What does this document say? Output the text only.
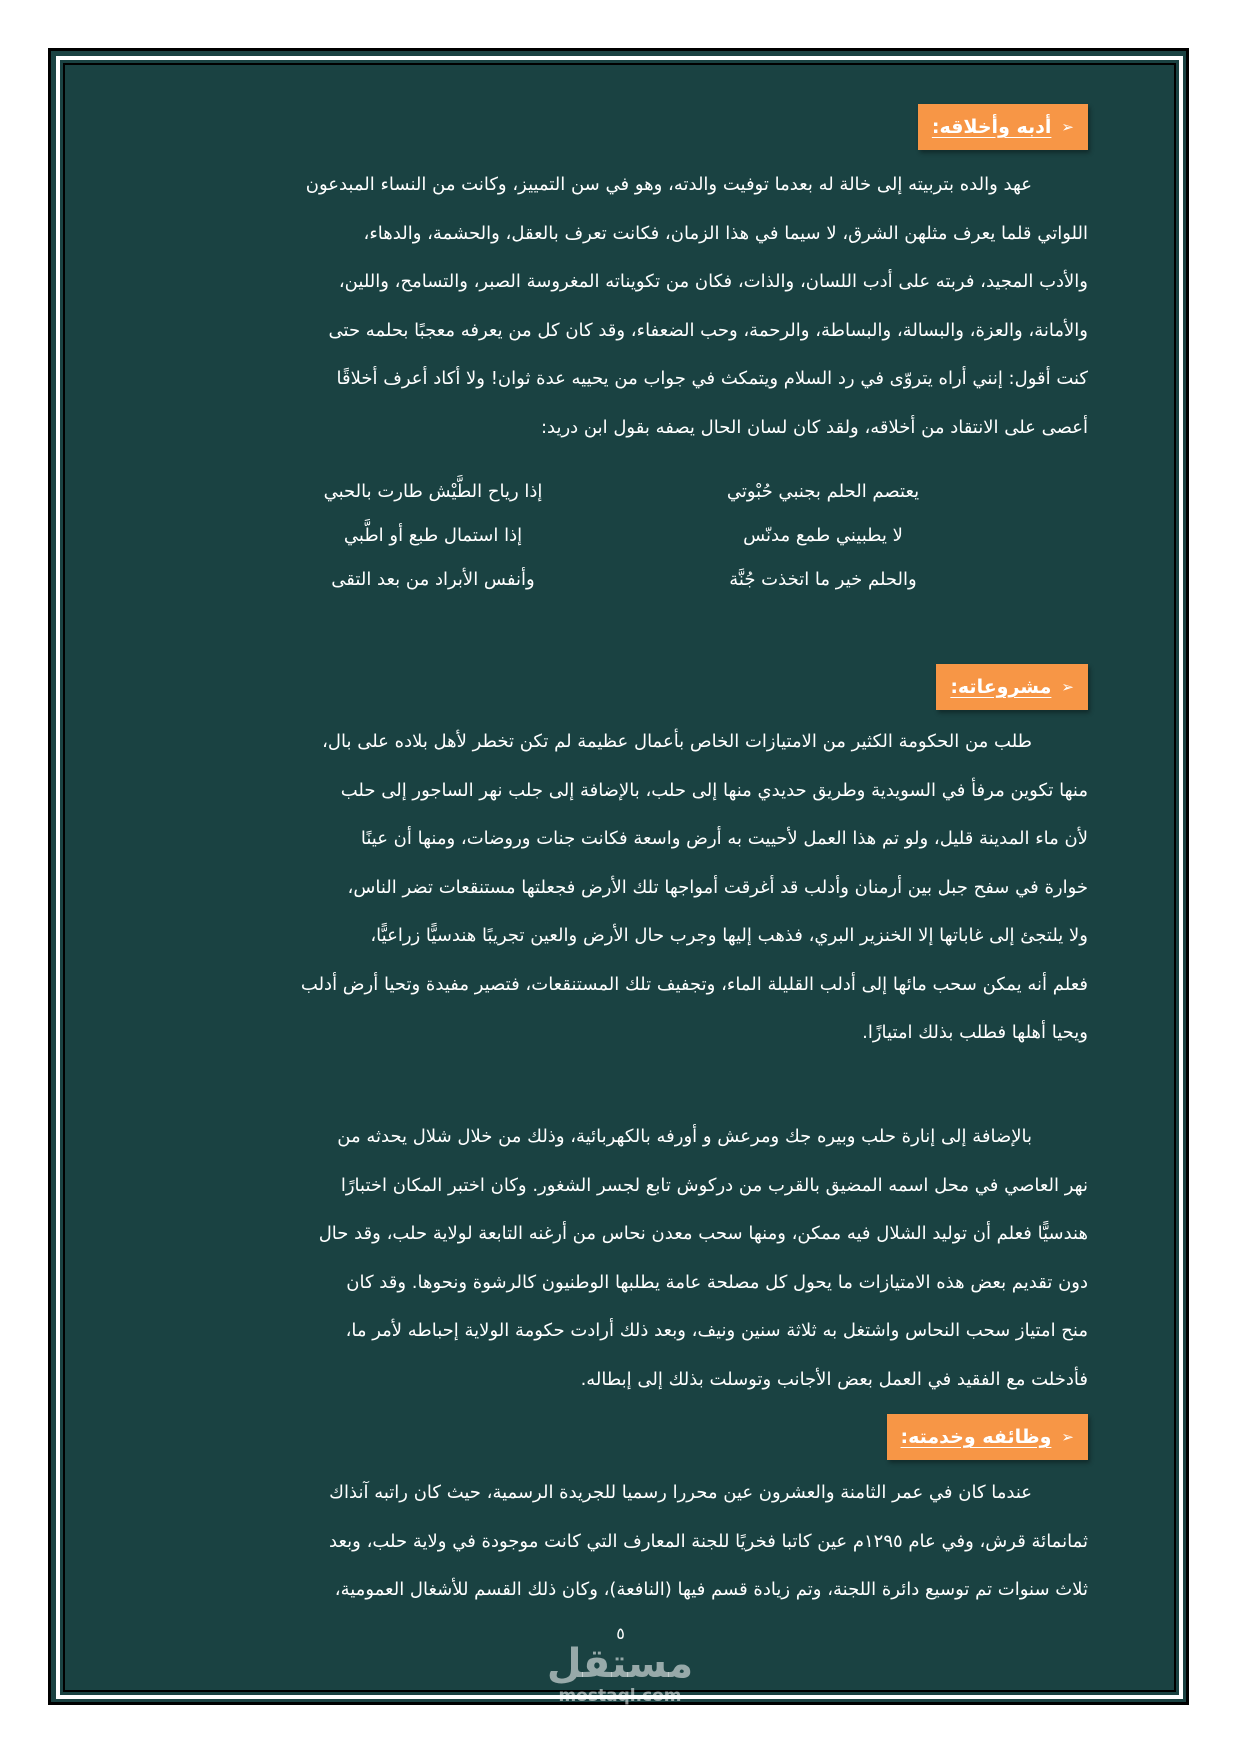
➢
أدبه وأخلاقه:
عهد والده بتربيته إلى خالة له بعدما توفيت والدته، وهو في سن التمييز، وكانت من النساء المبدعون
اللواتي قلما يعرف مثلهن الشرق، لا سيما في هذا الزمان، فكانت تعرف بالعقل، والحشمة، والدهاء،
والأدب المجيد، فربته على أدب اللسان، والذات، فكان من تكويناته المغروسة الصبر، والتسامح، واللين،
والأمانة، والعزة، والبسالة، والبساطة، والرحمة، وحب الضعفاء، وقد كان كل من يعرفه معجبًا بحلمه حتى
كنت أقول: إنني أراه يتروّى في رد السلام ويتمكث في جواب من يحييه عدة ثوان! ولا أكاد أعرف أخلاقًا
أعصى على الانتقاد من أخلاقه، ولقد كان لسان الحال يصفه بقول ابن دريد:
يعتصم الحلم بجنبي حُبْوتي
إذا رياح الطَّيْش طارت بالحبي
لا يطبيني طمع مدنّس
إذا استمال طبع أو اطَّبي
والحلم خير ما اتخذت جُنَّة
وأنفس الأبراد من بعد التقى
➢
مشروعاته:
طلب من الحكومة الكثير من الامتيازات الخاص بأعمال عظيمة لم تكن تخطر لأهل بلاده على بال،
منها تكوين مرفأ في السويدية وطريق حديدي منها إلى حلب، بالإضافة إلى جلب نهر الساجور إلى حلب
لأن ماء المدينة قليل، ولو تم هذا العمل لأحييت به أرض واسعة فكانت جنات وروضات، ومنها أن عينًا
خوارة في سفح جبل بين أرمنان وأدلب قد أغرقت أمواجها تلك الأرض فجعلتها مستنقعات تضر الناس،
ولا يلتجئ إلى غاباتها إلا الخنزير البري، فذهب إليها وجرب حال الأرض والعين تجريبًا هندسيًّا زراعيًّا،
فعلم أنه يمكن سحب مائها إلى أدلب القليلة الماء، وتجفيف تلك المستنقعات، فتصير مفيدة وتحيا أرض أدلب
ويحيا أهلها فطلب بذلك امتيازًا.
بالإضافة إلى إنارة حلب وبيره جك ومرعش و أورفه بالكهربائية، وذلك من خلال شلال يحدثه من
نهر العاصي في محل اسمه المضيق بالقرب من دركوش تابع لجسر الشغور. وكان اختبر المكان اختبارًا
هندسيًّا فعلم أن توليد الشلال فيه ممكن، ومنها سحب معدن نحاس من أرغنه التابعة لولاية حلب، وقد حال
دون تقديم بعض هذه الامتيازات ما يحول كل مصلحة عامة يطلبها الوطنيون كالرشوة ونحوها. وقد كان
منح امتياز سحب النحاس واشتغل به ثلاثة سنين ونيف، وبعد ذلك أرادت حكومة الولاية إحباطه لأمر ما،
فأدخلت مع الفقيد في العمل بعض الأجانب وتوسلت بذلك إلى إبطاله.
➢
وظائفه وخدمته:
عندما كان في عمر الثامنة والعشرون عين محررا رسميا للجريدة الرسمية، حيث كان راتبه آنذاك
ثمانمائة قرش، وفي عام ١٢٩٥م عين كاتبا فخريًا للجنة المعارف التي كانت موجودة في ولاية حلب، وبعد
ثلاث سنوات تم توسيع دائرة اللجنة، وتم زيادة قسم فيها (النافعة)، وكان ذلك القسم للأشغال العمومية،
٥
مستقل
mostaql.com
